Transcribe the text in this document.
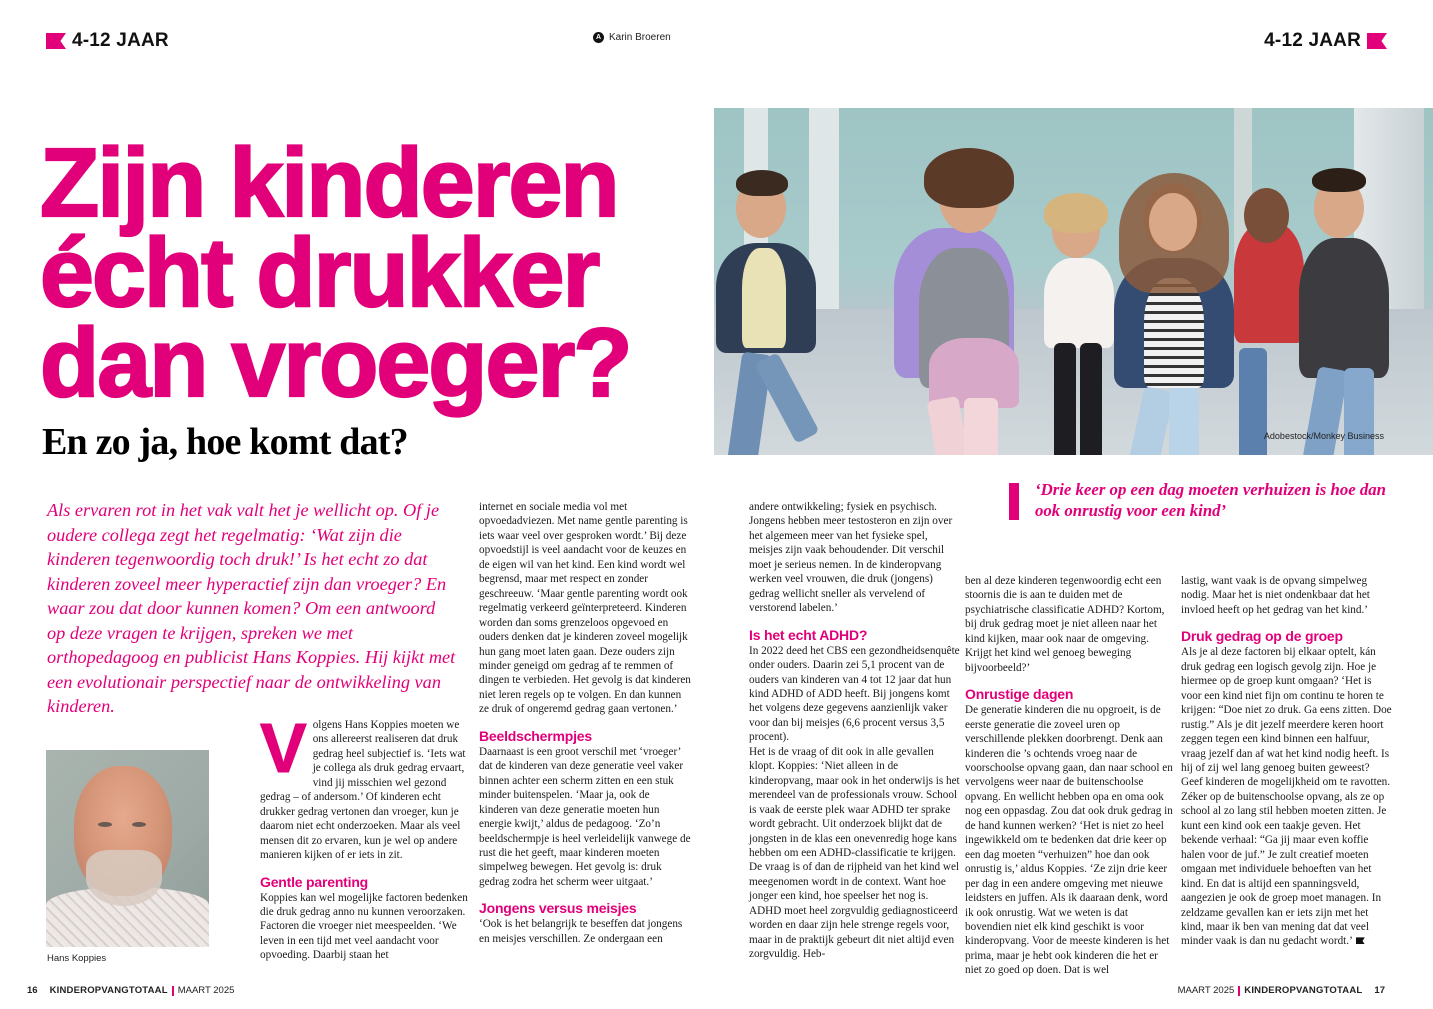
4-12 JAAR	A Karin Broeren	4-12 JAAR
Zijn kinderen
écht drukker
dan vroeger?
En zo ja, hoe komt dat?	Adobestock/Monkey Business

Als ervaren rot in het vak valt het je wellicht op. Of je oudere collega zegt het regelmatig: ‘Wat zijn die kinderen tegenwoordig toch druk!’ Is het echt zo dat kinderen zoveel meer hyperactief zijn dan vroeger? En waar zou dat door kunnen komen? Om een antwoord op deze vragen te krijgen, spreken we met orthopedagoog en publicist Hans Koppies. Hij kijkt met een evolutionair perspectief naar de ontwikkeling van kinderen.

‘Drie keer op een dag moeten verhuizen is hoe dan ook onrustig voor een kind’
Hans Koppies

Volgens Hans Koppies moeten we ons allereerst realiseren dat druk gedrag heel subjectief is. ‘Iets wat je collega als druk gedrag ervaart, vind jij misschien wel gezond gedrag – of andersom.’ Of kinderen echt drukker gedrag vertonen dan vroeger, kun je daarom niet echt onderzoeken. Maar als veel mensen dit zo ervaren, kun je wel op andere manieren kijken of er iets in zit.

Gentle parenting

Koppies kan wel mogelijke factoren bedenken die druk gedrag anno nu kunnen veroorzaken. Factoren die vroeger niet meespeelden. ‘We leven in een tijd met veel aandacht voor opvoeding. Daarbij staan het

internet en sociale media vol met opvoedadviezen. Met name gentle parenting is iets waar veel over gesproken wordt.’ Bij deze opvoedstijl is veel aandacht voor de keuzes en de eigen wil van het kind. Een kind wordt wel begrensd, maar met respect en zonder geschreeuw. ‘Maar gentle parenting wordt ook regelmatig verkeerd geïnterpreteerd. Kinderen worden dan soms grenzeloos opgevoed en ouders denken dat je kinderen zoveel mogelijk hun gang moet laten gaan. Deze ouders zijn minder geneigd om gedrag af te remmen of dingen te verbieden. Het gevolg is dat kinderen niet leren regels op te volgen. En dan kunnen ze druk of ongeremd gedrag gaan vertonen.’

Beeldschermpjes

Daarnaast is een groot verschil met ‘vroeger’ dat de kinderen van deze generatie veel vaker binnen achter een scherm zitten en een stuk minder buitenspelen. ‘Maar ja, ook de kinderen van deze generatie moeten hun energie kwijt,’ aldus de pedagoog. ‘Zo’n beeldschermpje is heel verleidelijk vanwege de rust die het geeft, maar kinderen moeten simpelweg bewegen. Het gevolg is: druk gedrag zodra het scherm weer uitgaat.’

Jongens versus meisjes

‘Ook is het belangrijk te beseffen dat jongens en meisjes verschillen. Ze ondergaan een

andere ontwikkeling; fysiek en psychisch. Jongens hebben meer testosteron en zijn over het algemeen meer van het fysieke spel, meisjes zijn vaak behoudender. Dit verschil moet je serieus nemen. In de kinderopvang werken veel vrouwen, die druk (jongens) gedrag wellicht sneller als vervelend of verstorend labelen.’

Is het echt ADHD?

In 2022 deed het CBS een gezondheidsenquête onder ouders. Daarin zei 5,1 procent van de ouders van kinderen van 4 tot 12 jaar dat hun kind ADHD of ADD heeft. Bij jongens komt het volgens deze gegevens aanzienlijk vaker voor dan bij meisjes (6,6 procent versus 3,5 procent).

Het is de vraag of dit ook in alle gevallen klopt. Koppies: ‘Niet alleen in de kinderopvang, maar ook in het onderwijs is het merendeel van de professionals vrouw. School is vaak de eerste plek waar ADHD ter sprake wordt gebracht. Uit onderzoek blijkt dat de jongsten in de klas een onevenredig hoge kans hebben om een ADHD-classificatie te krijgen. De vraag is of dan de rijpheid van het kind wel meegenomen wordt in de context. Want hoe jonger een kind, hoe speelser het nog is. ADHD moet heel zorgvuldig gediagnosticeerd worden en daar zijn hele strenge regels voor, maar in de praktijk gebeurt dit niet altijd even zorgvuldig. Heb-

ben al deze kinderen tegenwoordig echt een stoornis die is aan te duiden met de psychiatrische classificatie ADHD? Kortom, bij druk gedrag moet je niet alleen naar het kind kijken, maar ook naar de omgeving. Krijgt het kind wel genoeg beweging bijvoorbeeld?’

Onrustige dagen

De generatie kinderen die nu opgroeit, is de eerste generatie die zoveel uren op verschillende plekken doorbrengt. Denk aan kinderen die ’s ochtends vroeg naar de voorschoolse opvang gaan, dan naar school en vervolgens weer naar de buitenschoolse opvang. En wellicht hebben opa en oma ook nog een oppasdag. Zou dat ook druk gedrag in de hand kunnen werken? ‘Het is niet zo heel ingewikkeld om te bedenken dat drie keer op een dag moeten “verhuizen” hoe dan ook onrustig is,’ aldus Koppies. ‘Ze zijn drie keer per dag in een andere omgeving met nieuwe leidsters en juffen. Als ik daaraan denk, word ik ook onrustig. Wat we weten is dat bovendien niet elk kind geschikt is voor kinderopvang. Voor de meeste kinderen is het prima, maar je hebt ook kinderen die het er niet zo goed op doen. Dat is wel

lastig, want vaak is de opvang simpelweg nodig. Maar het is niet ondenkbaar dat het invloed heeft op het gedrag van het kind.’

Druk gedrag op de groep

Als je al deze factoren bij elkaar optelt, kán druk gedrag een logisch gevolg zijn. Hoe je hiermee op de groep kunt omgaan? ‘Het is voor een kind niet fijn om continu te horen te krijgen: “Doe niet zo druk. Ga eens zitten. Doe rustig.” Als je dit jezelf meerdere keren hoort zeggen tegen een kind binnen een halfuur, vraag jezelf dan af wat het kind nodig heeft. Is hij of zij wel lang genoeg buiten geweest? Geef kinderen de mogelijkheid om te ravotten. Zéker op de buitenschoolse opvang, als ze op school al zo lang stil hebben moeten zitten. Je kunt een kind ook een taakje geven. Het bekende verhaal: “Ga jij maar even koffie halen voor de juf.” Je zult creatief moeten omgaan met individuele behoeften van het kind. En dat is altijd een spanningsveld, aangezien je ook de groep moet managen. In zeldzame gevallen kan er iets zijn met het kind, maar ik ben van mening dat dat veel minder vaak is dan nu gedacht wordt.’

16 KINDEROPVANGTOTAAL MAART 2025	MAART 2025 KINDEROPVANGTOTAAL 17
